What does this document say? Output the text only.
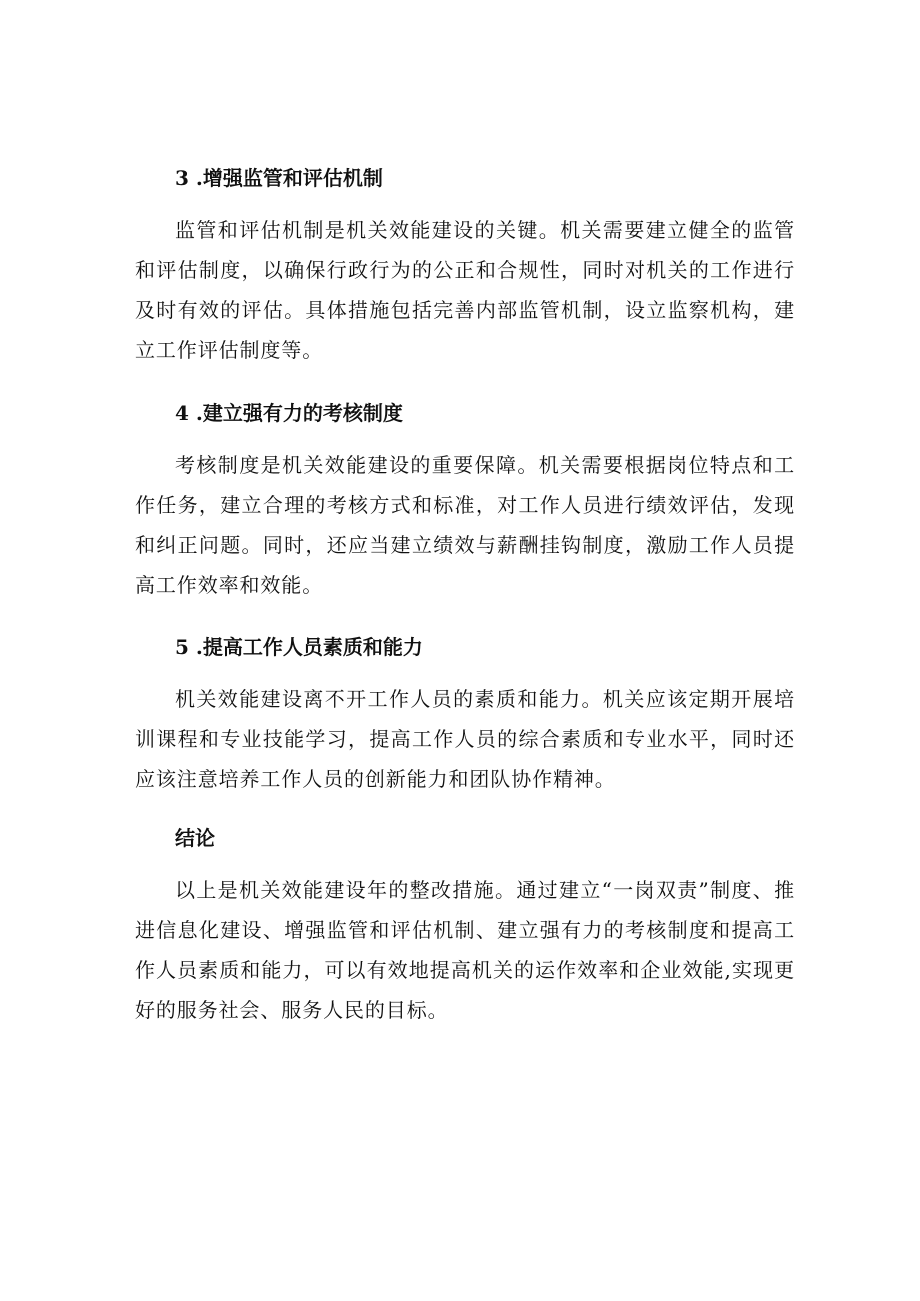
3 .增强监管和评估机制

监管和评估机制是机关效能建设的关键。机关需要建立健全的监管和评估制度，以确保行政行为的公正和合规性，同时对机关的工作进行及时有效的评估。具体措施包括完善内部监管机制，设立监察机构，建立工作评估制度等。

4 .建立强有力的考核制度

考核制度是机关效能建设的重要保障。机关需要根据岗位特点和工作任务，建立合理的考核方式和标准，对工作人员进行绩效评估，发现和纠正问题。同时，还应当建立绩效与薪酬挂钩制度，激励工作人员提高工作效率和效能。

5 .提高工作人员素质和能力

机关效能建设离不开工作人员的素质和能力。机关应该定期开展培训课程和专业技能学习，提高工作人员的综合素质和专业水平，同时还应该注意培养工作人员的创新能力和团队协作精神。

结论

以上是机关效能建设年的整改措施。通过建立“一岗双责”制度、推进信息化建设、增强监管和评估机制、建立强有力的考核制度和提高工作人员素质和能力，可以有效地提高机关的运作效率和企业效能,实现更好的服务社会、服务人民的目标。
